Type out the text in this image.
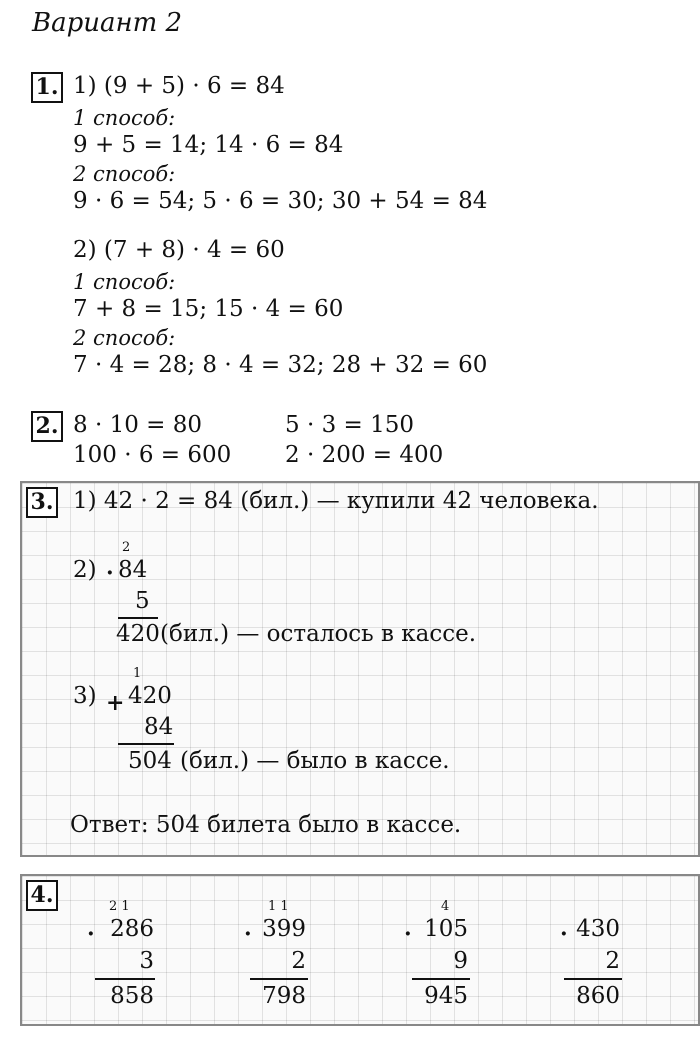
Вариант 2
1. 1) (9 + 5) · 6 = 84
1 способ:
9 + 5 = 14; 14 · 6 = 84
2 способ:
9 · 6 = 54; 5 · 6 = 30; 30 + 54 = 84
2) (7 + 8) · 4 = 60
1 способ:
7 + 8 = 15; 15 · 4 = 60
2 способ:
7 · 4 = 28; 8 · 4 = 32; 28 + 32 = 60
2. 8 · 10 = 80	5 · 3 = 150
100 · 6 = 600 2 · 200 = 400
3. 1) 42 · 2 = 84 (бил.) — купили 42 человека.
2)
2
· 84
5
420 (бил.) — осталось в кассе.
3)
1
+ 420
84
504 (бил.) — было в кассе.
Ответ: 504 билета было в кассе.
4.	2 1
· 286
3
858
1 1
· 399
2
798
4
· 105
9
945
· 430
2
860
